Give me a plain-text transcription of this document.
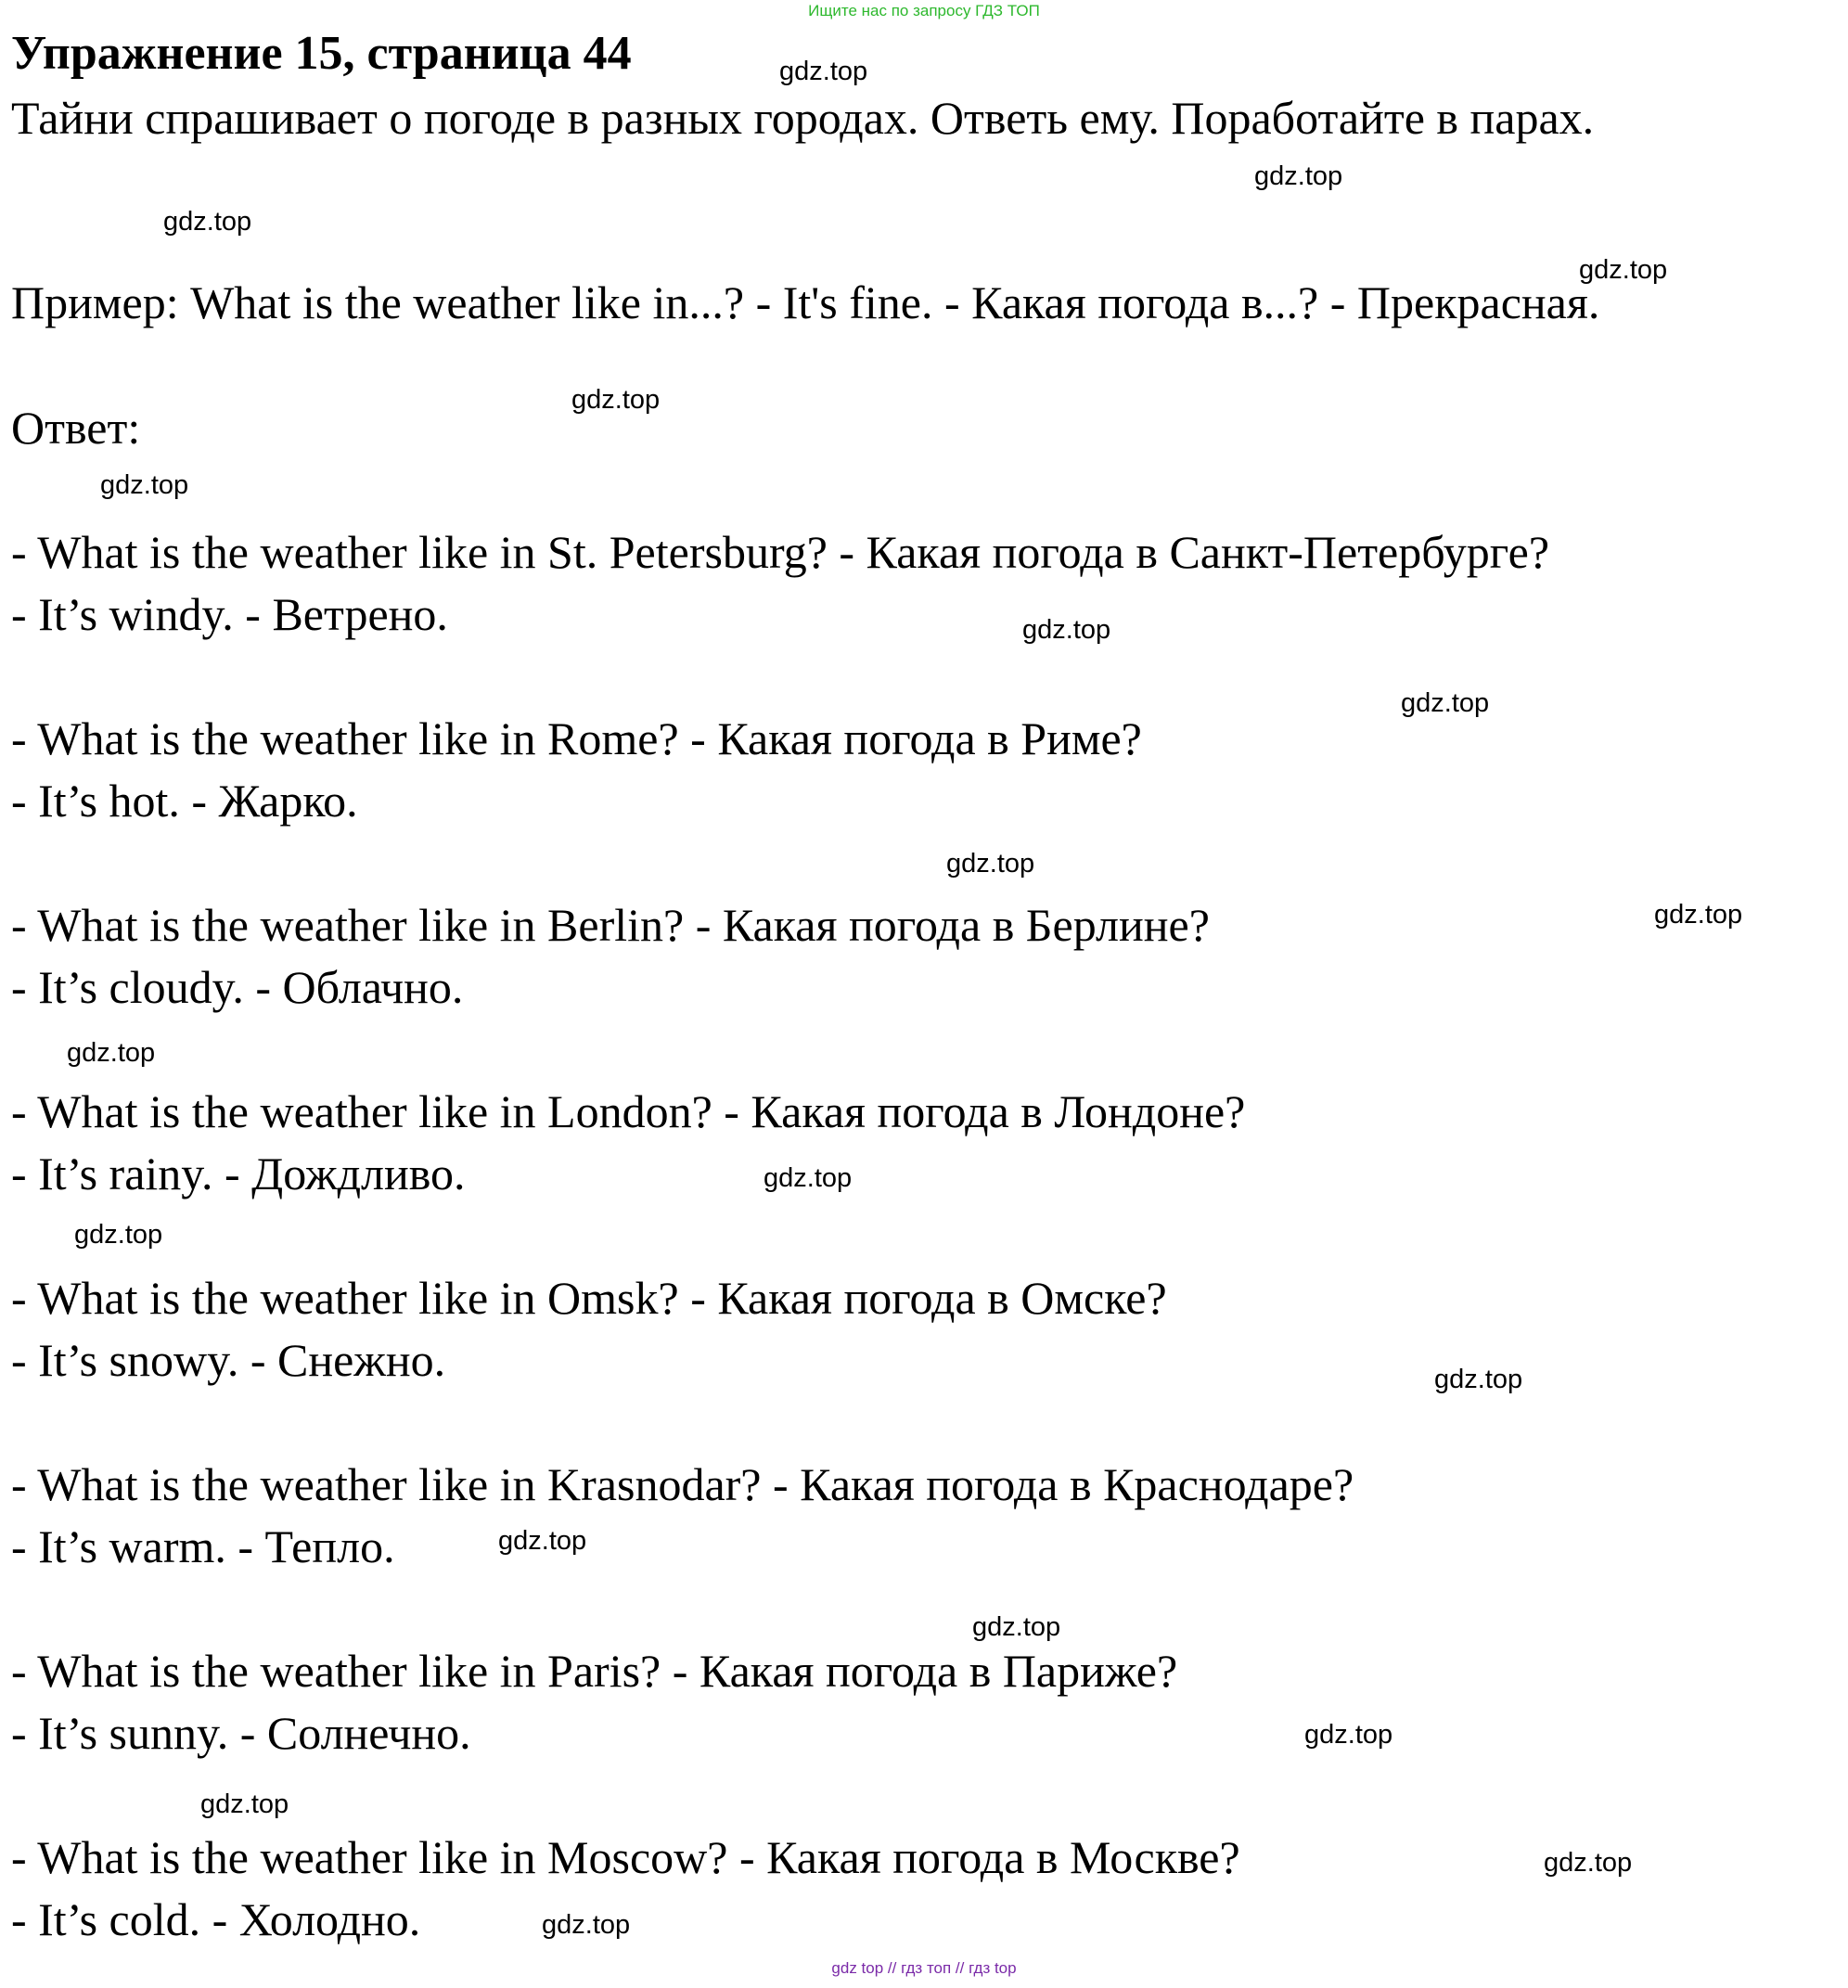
Ищите нас по запросу ГДЗ ТОП
Упражнение 15, страница 44
Тайни спрашивает о погоде в разных городах. Ответь ему. Поработайте в парах.
Пример: What is the weather like in...? - It's fine. - Какая погода в...? - Прекрасная.
Ответ:
- What is the weather like in St. Petersburg? - Какая погода в Санкт-Петербурге?
- It’s windy. - Ветрено.
- What is the weather like in Rome? - Какая погода в Риме?
- It’s hot. - Жарко.
- What is the weather like in Berlin? - Какая погода в Берлине?
- It’s cloudy. - Облачно.
- What is the weather like in London? - Какая погода в Лондоне?
- It’s rainy. - Дождливо.
- What is the weather like in Omsk? - Какая погода в Омске?
- It’s snowy. - Снежно.
- What is the weather like in Krasnodar? - Какая погода в Краснодаре?
- It’s warm. - Тепло.
- What is the weather like in Paris? - Какая погода в Париже?
- It’s sunny. - Солнечно.
- What is the weather like in Moscow? - Какая погода в Москве?
- It’s cold. - Холодно.
gdz.top
gdz.top
gdz.top
gdz.top
gdz.top
gdz.top
gdz.top
gdz.top
gdz.top
gdz.top
gdz.top
gdz.top
gdz.top
gdz.top
gdz.top
gdz.top
gdz.top
gdz.top
gdz.top
gdz.top
gdz top // гдз топ // гдз top
